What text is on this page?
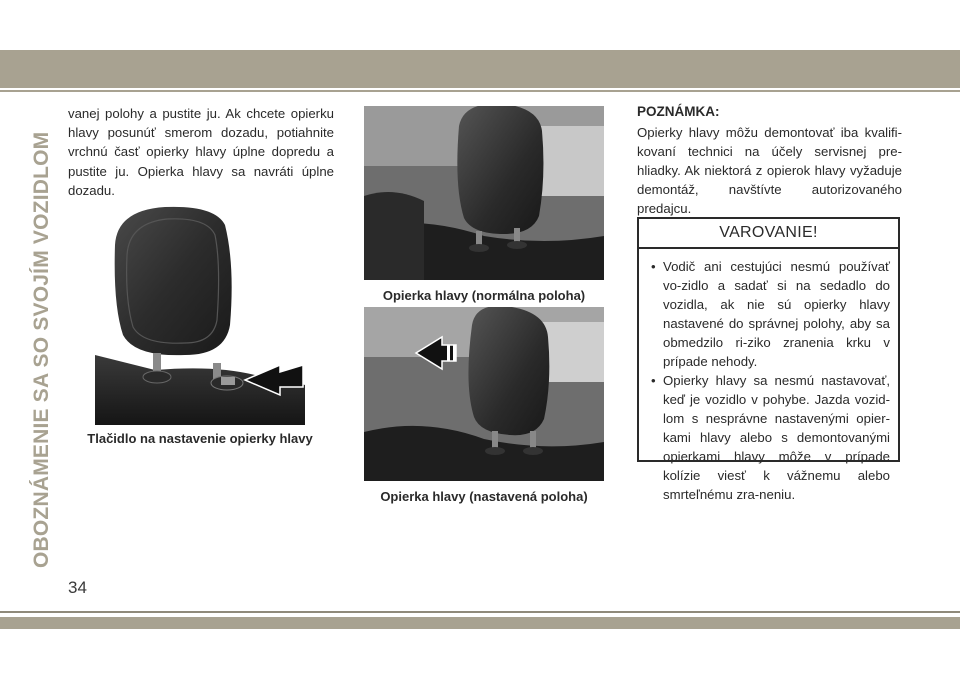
OBOZNÁMENIE SA SO SVOJÍM VOZIDLOM
vanej polohy a pustite ju. Ak chcete opierku hlavy posunúť smerom dozadu, potiahnite vrchnú časť opierky hlavy úplne dopredu a pustite ju. Opierka hlavy sa navráti úplne dozadu.
Tlačidlo na nastavenie opierky hlavy
Opierka hlavy (normálna poloha)
Opierka hlavy (nastavená poloha)
POZNÁMKA:
Opierky hlavy môžu demontovať iba kvalifi-kovaní technici na účely servisnej pre-hliadky. Ak niektorá z opierok hlavy vyžaduje demontáž, navštívte autorizovaného predajcu.
VAROVANIE!
• Vodič ani cestujúci nesmú používať vo-zidlo a sadať si na sedadlo do vozidla, ak nie sú opierky hlavy nastavené do správnej polohy, aby sa obmedzilo ri-ziko zranenia krku v prípade nehody.
• Opierky hlavy sa nesmú nastavovať, keď je vozidlo v pohybe. Jazda vozid-lom s nesprávne nastavenými opier-kami hlavy alebo s demontovanými opierkami hlavy môže v prípade kolízie viesť k vážnemu alebo smrteľnému zra-neniu.
34
